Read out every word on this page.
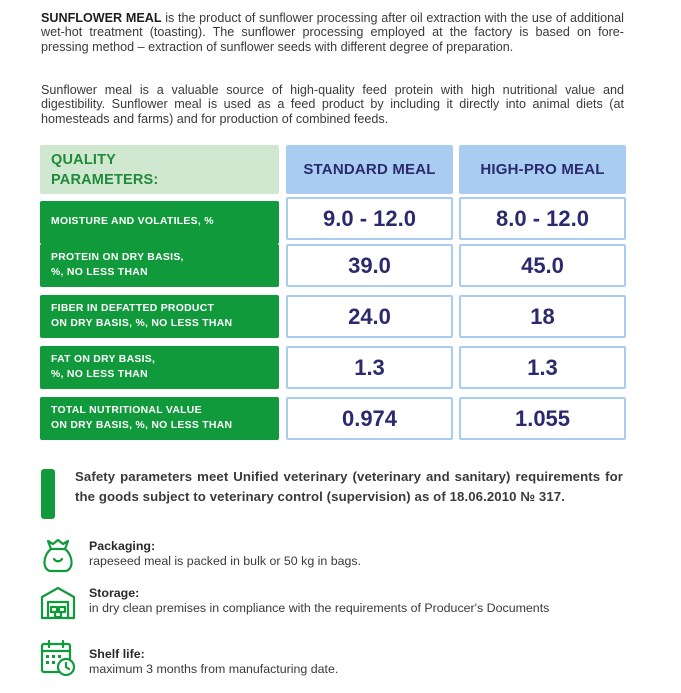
SUNFLOWER MEAL is the product of sunflower processing after oil extraction with the use of additional wet-hot treatment (toasting). The sunflower processing employed at the factory is based on fore-pressing method – extraction of sunflower seeds with different degree of preparation.

Sunflower meal is a valuable source of high-quality feed protein with high nutritional value and digestibility. Sunflower meal is used as a feed product by including it directly into animal diets (at homesteads and farms) and for production of combined feeds.

QUALITY
PARAMETERS:
STANDARD MEAL	HIGH-PRO MEAL
MOISTURE AND VOLATILES, %	9.0 - 12.0	8.0 - 12.0
PROTEIN ON DRY BASIS,
%, NO LESS THAN	39.0	45.0
FIBER IN DEFATTED PRODUCT
ON DRY BASIS, %, NO LESS THAN	24.0	18
FAT ON DRY BASIS,
%, NO LESS THAN	1.3	1.3
TOTAL NUTRITIONAL VALUE
ON DRY BASIS, %, NO LESS THAN	0.974	1.055
Safety parameters meet Unified veterinary (veterinary and sanitary) requirements for the goods subject to veterinary control (supervision) as of 18.06.2010 № 317.
Packaging:
rapeseed meal is packed in bulk or 50 kg in bags.
Storage:
in dry clean premises in compliance with the requirements of Producer's Documents
Shelf life:
maximum 3 months from manufacturing date.
